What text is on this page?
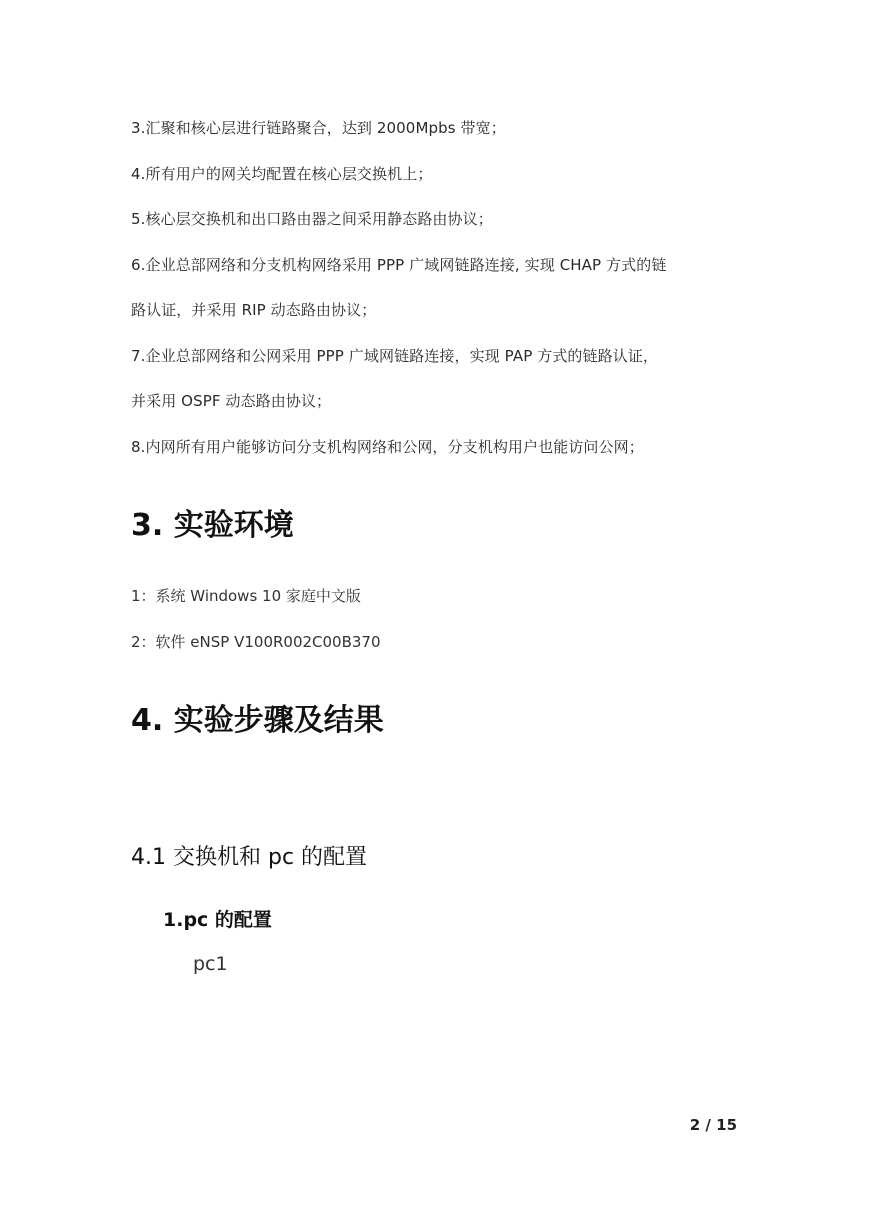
3.汇聚和核心层进行链路聚合，达到 2000Mpbs 带宽；
4.所有用户的网关均配置在核心层交换机上；
5.核心层交换机和出口路由器之间采用静态路由协议；
6.企业总部网络和分支机构网络采用 PPP 广域网链路连接, 实现 CHAP 方式的链
路认证，并采用 RIP 动态路由协议；
7.企业总部网络和公网采用 PPP 广域网链路连接，实现 PAP 方式的链路认证，
并采用 OSPF 动态路由协议；
8.内网所有用户能够访问分支机构网络和公网，分支机构用户也能访问公网；
3. 实验环境
1：系统 Windows 10 家庭中文版
2：软件 eNSP V100R002C00B370
4. 实验步骤及结果
4.1 交换机和 pc 的配置
1.pc 的配置
pc1
2 / 15
